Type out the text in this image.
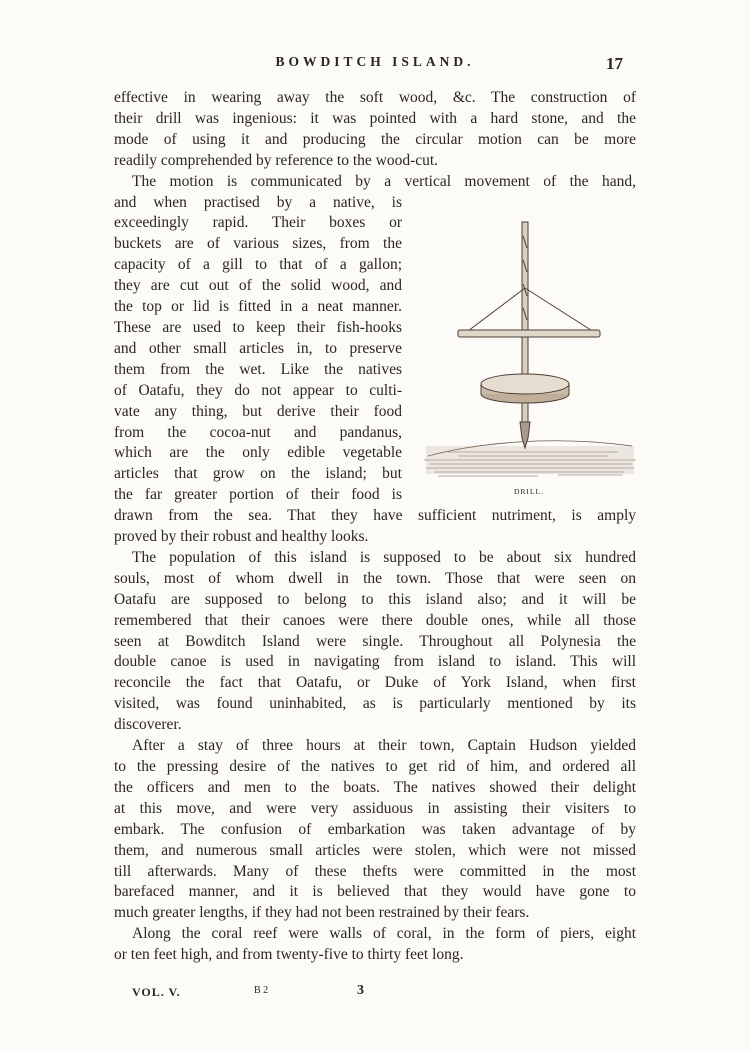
BOWDITCH ISLAND.	17
effective in wearing away the soft wood, &c. The construction of
their drill was ingenious: it was pointed with a hard stone, and the
mode of using it and producing the circular motion can be more
readily comprehended by reference to the wood-cut.
The motion is communicated by a vertical movement of the hand,
and when practised by a native, is
exceedingly rapid. Their boxes or
buckets are of various sizes, from the
capacity of a gill to that of a gallon;
they are cut out of the solid wood, and
the top or lid is fitted in a neat manner.
These are used to keep their fish-hooks
and other small articles in, to preserve
them from the wet. Like the natives
of Oatafu, they do not appear to culti-
vate any thing, but derive their food
from the cocoa-nut and pandanus,
which are the only edible vegetable
articles that grow on the island; but
the far greater portion of their food is
drawn from the sea. That they have sufficient nutriment, is amply
proved by their robust and healthy looks.
The population of this island is supposed to be about six hundred
souls, most of whom dwell in the town. Those that were seen on
Oatafu are supposed to belong to this island also; and it will be
remembered that their canoes were there double ones, while all those
seen at Bowditch Island were single. Throughout all Polynesia the
double canoe is used in navigating from island to island. This will
reconcile the fact that Oatafu, or Duke of York Island, when first
visited, was found uninhabited, as is particularly mentioned by its
discoverer.
After a stay of three hours at their town, Captain Hudson yielded
to the pressing desire of the natives to get rid of him, and ordered all
the officers and men to the boats. The natives showed their delight
at this move, and were very assiduous in assisting their visiters to
embark. The confusion of embarkation was taken advantage of by
them, and numerous small articles were stolen, which were not missed
till afterwards. Many of these thefts were committed in the most
barefaced manner, and it is believed that they would have gone to
much greater lengths, if they had not been restrained by their fears.
Along the coral reef were walls of coral, in the form of piers, eight
or ten feet high, and from twenty-five to thirty feet long.
DRILL.
VOL. V.	B 2	3
